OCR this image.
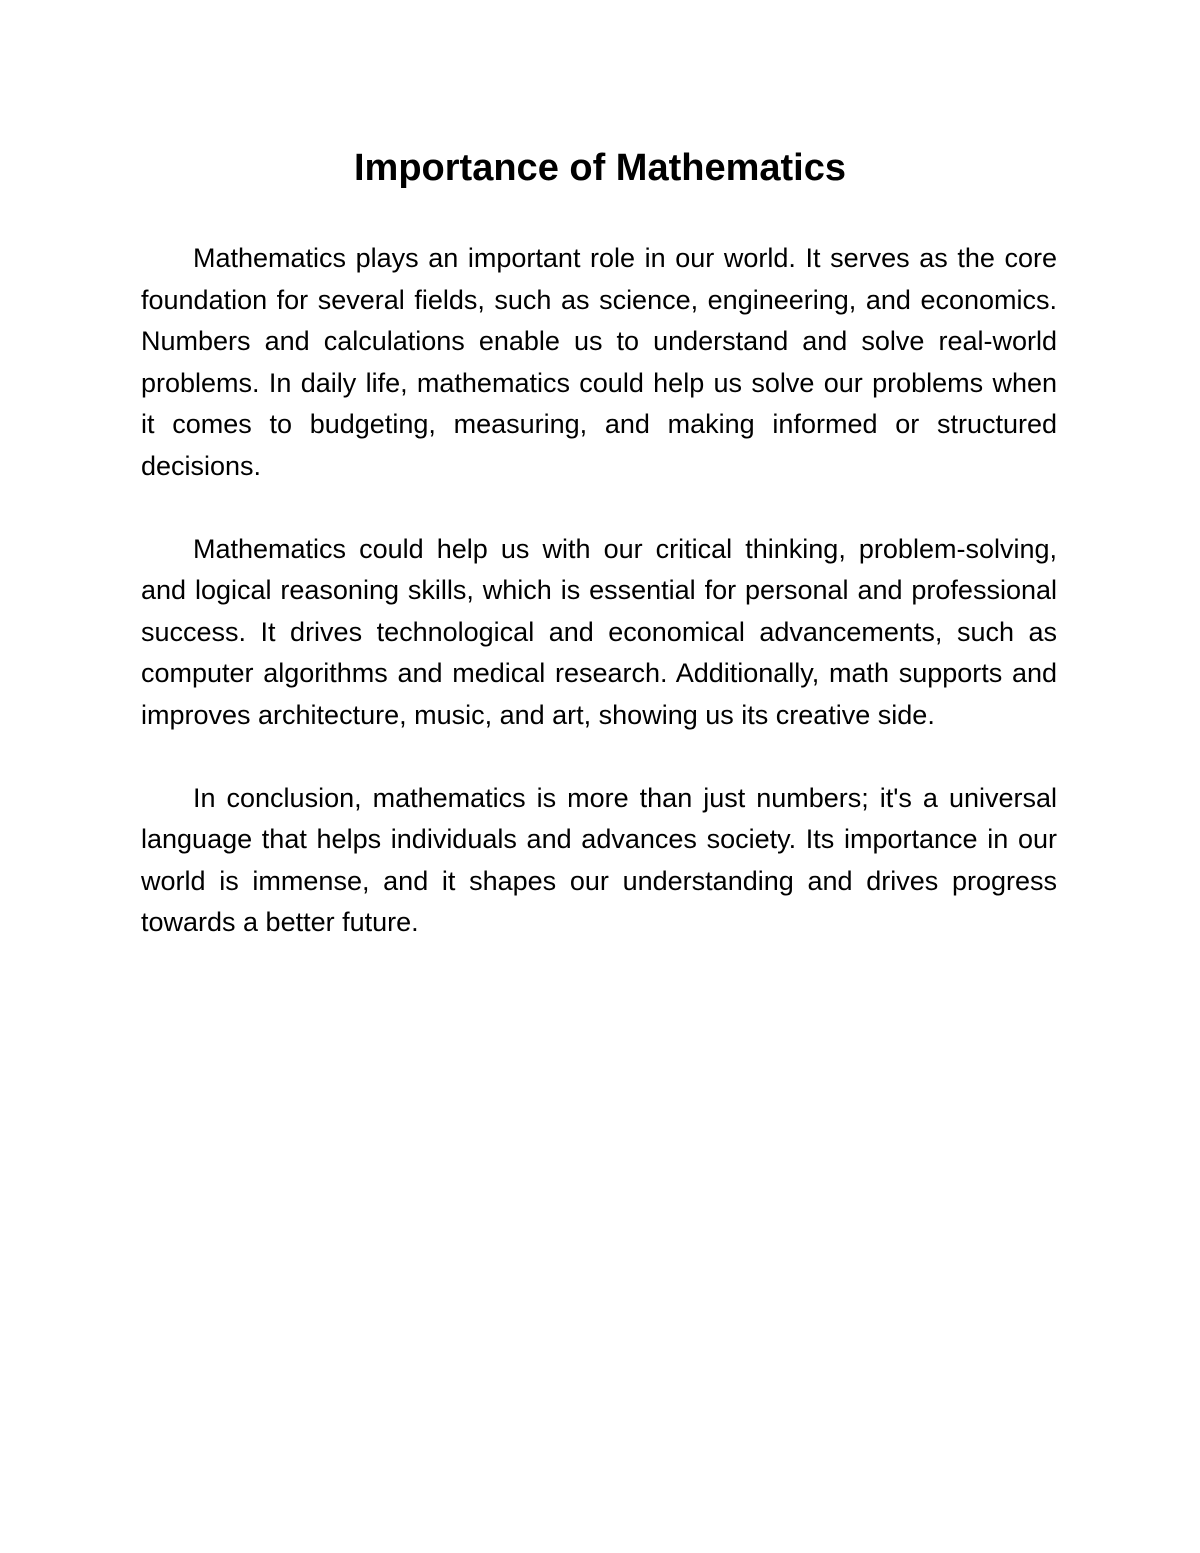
Importance of Mathematics

Mathematics plays an important role in our world. It serves as the core foundation for several fields, such as science, engineering, and economics. Numbers and calculations enable us to understand and solve real-world problems. In daily life, mathematics could help us solve our problems when it comes to budgeting, measuring, and making informed or structured decisions.

Mathematics could help us with our critical thinking, problem-solving, and logical reasoning skills, which is essential for personal and professional success. It drives technological and economical advancements, such as computer algorithms and medical research. Additionally, math supports and improves architecture, music, and art, showing us its creative side.

In conclusion, mathematics is more than just numbers; it's a universal language that helps individuals and advances society. Its importance in our world is immense, and it shapes our understanding and drives progress towards a better future.
